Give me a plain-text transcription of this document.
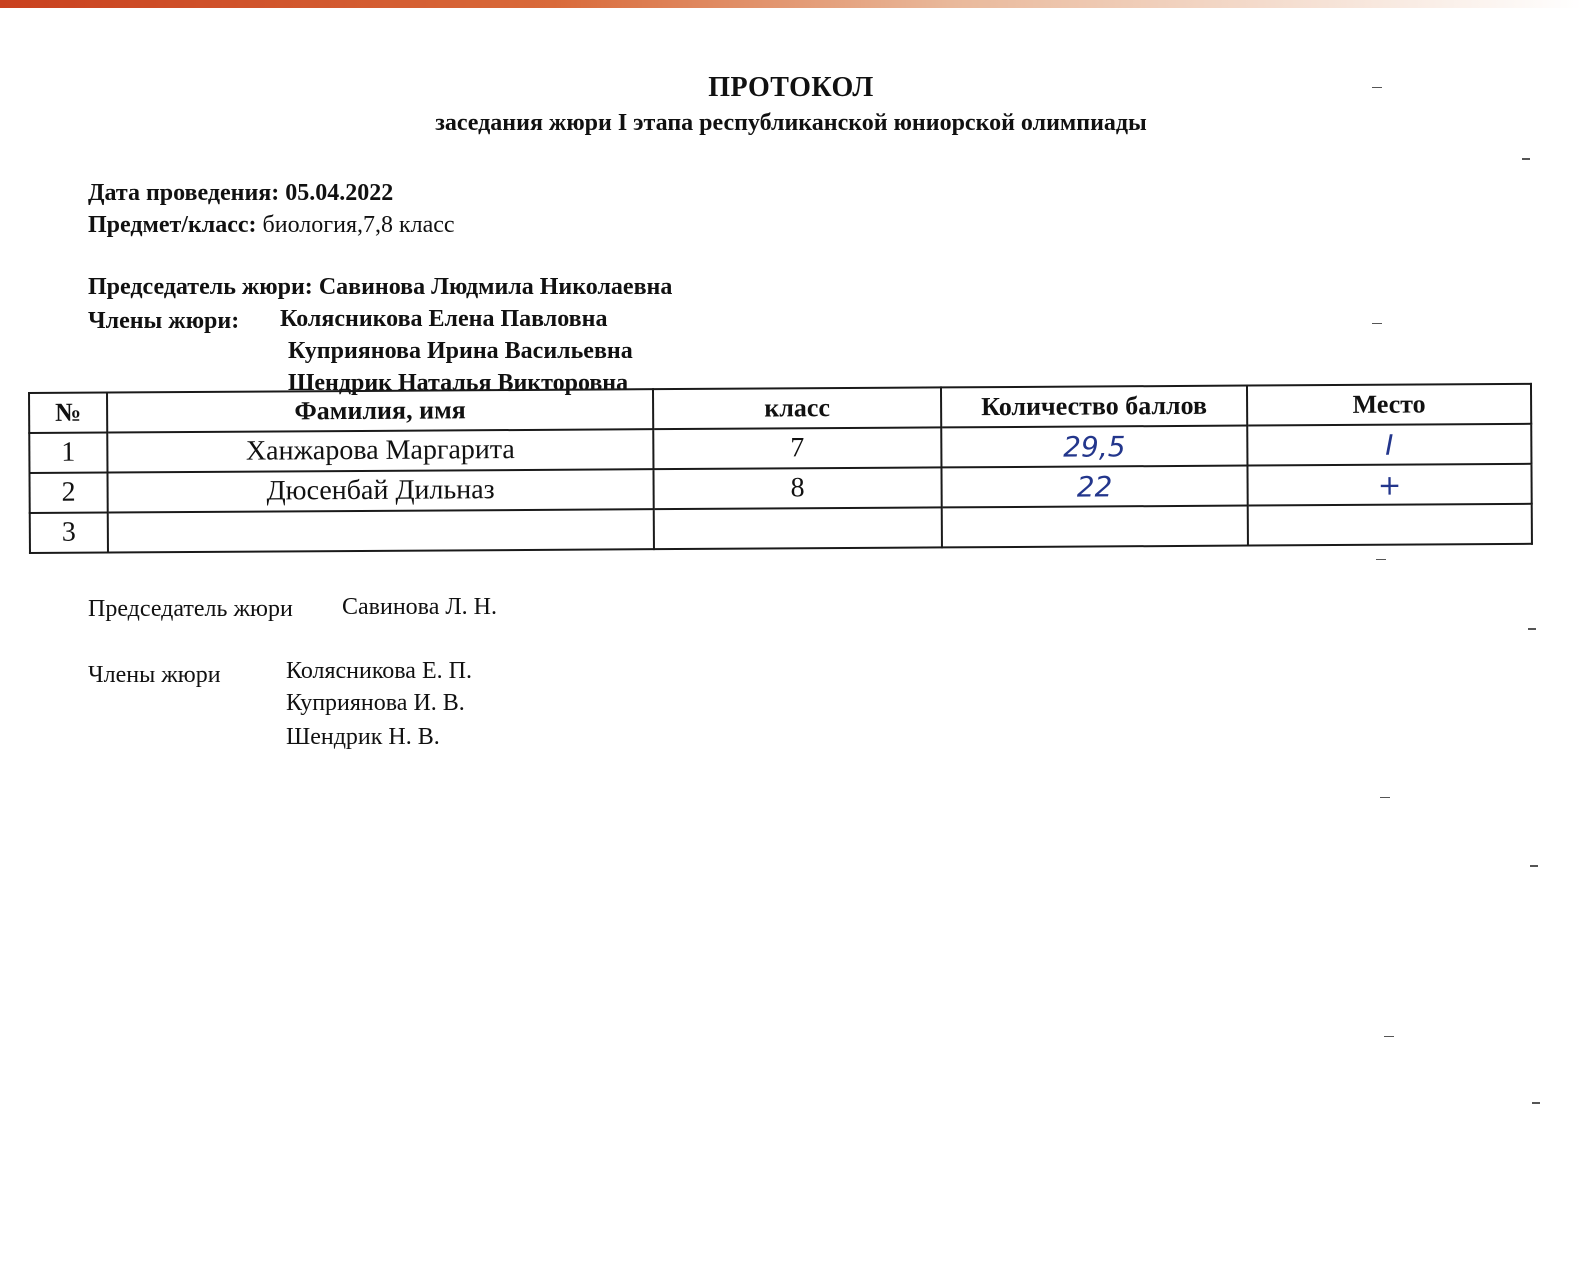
ПРОТОКОЛ
заседания жюри I этапа республиканской юниорской олимпиады
Дата проведения: 05.04.2022
Предмет/класс: биология,7,8 класс
Председатель жюри: Савинова Людмила Николаевна
Члены жюри: Колясникова Елена Павловна
Куприянова Ирина Васильевна
Шендрик Наталья Викторовна
№	Фамилия, имя	класс	Количество баллов	Место
1	Ханжарова Маргарита	7	29,5	I
2	Дюсенбай Дильназ	8	22	+
3				
Председатель жюри Савинова Л. Н.
Члены жюри	Колясникова Е. П.
Куприянова И. В.
Шендрик Н. В.
